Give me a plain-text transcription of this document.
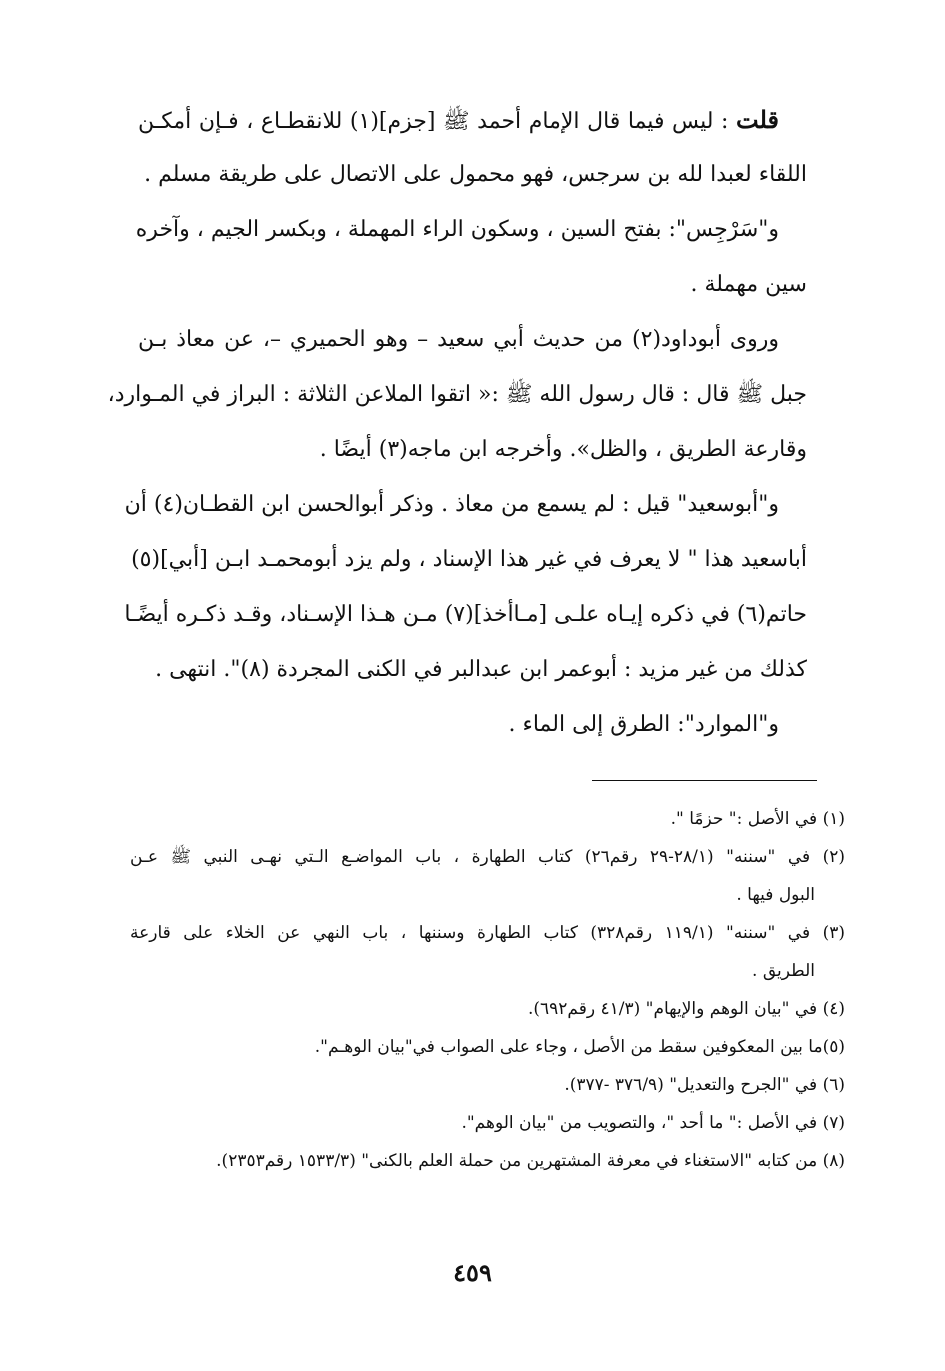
قلت : ليس فيما قال الإمام أحمد ﷺ [جزم](١) للانقطـاع ، فـإن أمكـن
اللقاء لعبدا لله بن سرجس، فهو محمول على الاتصال على طريقة مسلم .
و"سَرْجِس": بفتح السين ، وسكون الراء المهملة ، وبكسر الجيم ، وآخره
سين مهملة .
وروى أبوداود(٢) من حديث أبي سعيد – وهو الحميري –، عن معاذ بـن
جبل ﷺ قال : قال رسول الله ﷺ :« اتقوا الملاعن الثلاثة : البراز في المـوارد،
وقارعة الطريق ، والظل». وأخرجه ابن ماجه(٣) أيضًا .
و"أبوسعيد" قيل : لم يسمع من معاذ . وذكر أبوالحسن ابن القطـان(٤) أن
أباسعيد هذا " لا يعرف في غير هذا الإسناد ، ولم يزد أبومحمـد ابـن [أبي](٥)
حاتم(٦) في ذكره إيـاه علـى [مـاأخذ](٧) مـن هـذا الإسـناد، وقـد ذكـره أيضًـا
كذلك من غير مزيد : أبوعمر ابن عبدالبر في الكنى المجردة (٨)". انتهى .
و"الموارد": الطرق إلى الماء .
(١) في الأصل :" حزمًا ".
(٢) في "سننه" (٢٨/١-٢٩ رقم٢٦) كتاب الطهارة ، باب المواضـع الـتي نهـى النبي ﷺ عـن
البول فيها .
(٣) في "سننه" (١١٩/١ رقم٣٢٨) كتاب الطهارة وسننها ، باب النهي عن الخلاء على قارعة
الطريق .
(٤) في "بيان الوهم والإيهام" (٤١/٣ رقم٦٩٢).
(٥)ما بين المعكوفين سقط من الأصل ، وجاء على الصواب في"بيان الوهـم".
(٦) في "الجرح والتعديل" (٣٧٦/٩ -٣٧٧).
(٧) في الأصل :" ما أحد "، والتصويب من "بيان الوهم".
(٨) من كتابه "الاستغناء في معرفة المشتهرين من حملة العلم بالكنى" (١٥٣٣/٣ رقم٢٣٥٣).
٤٥٩
